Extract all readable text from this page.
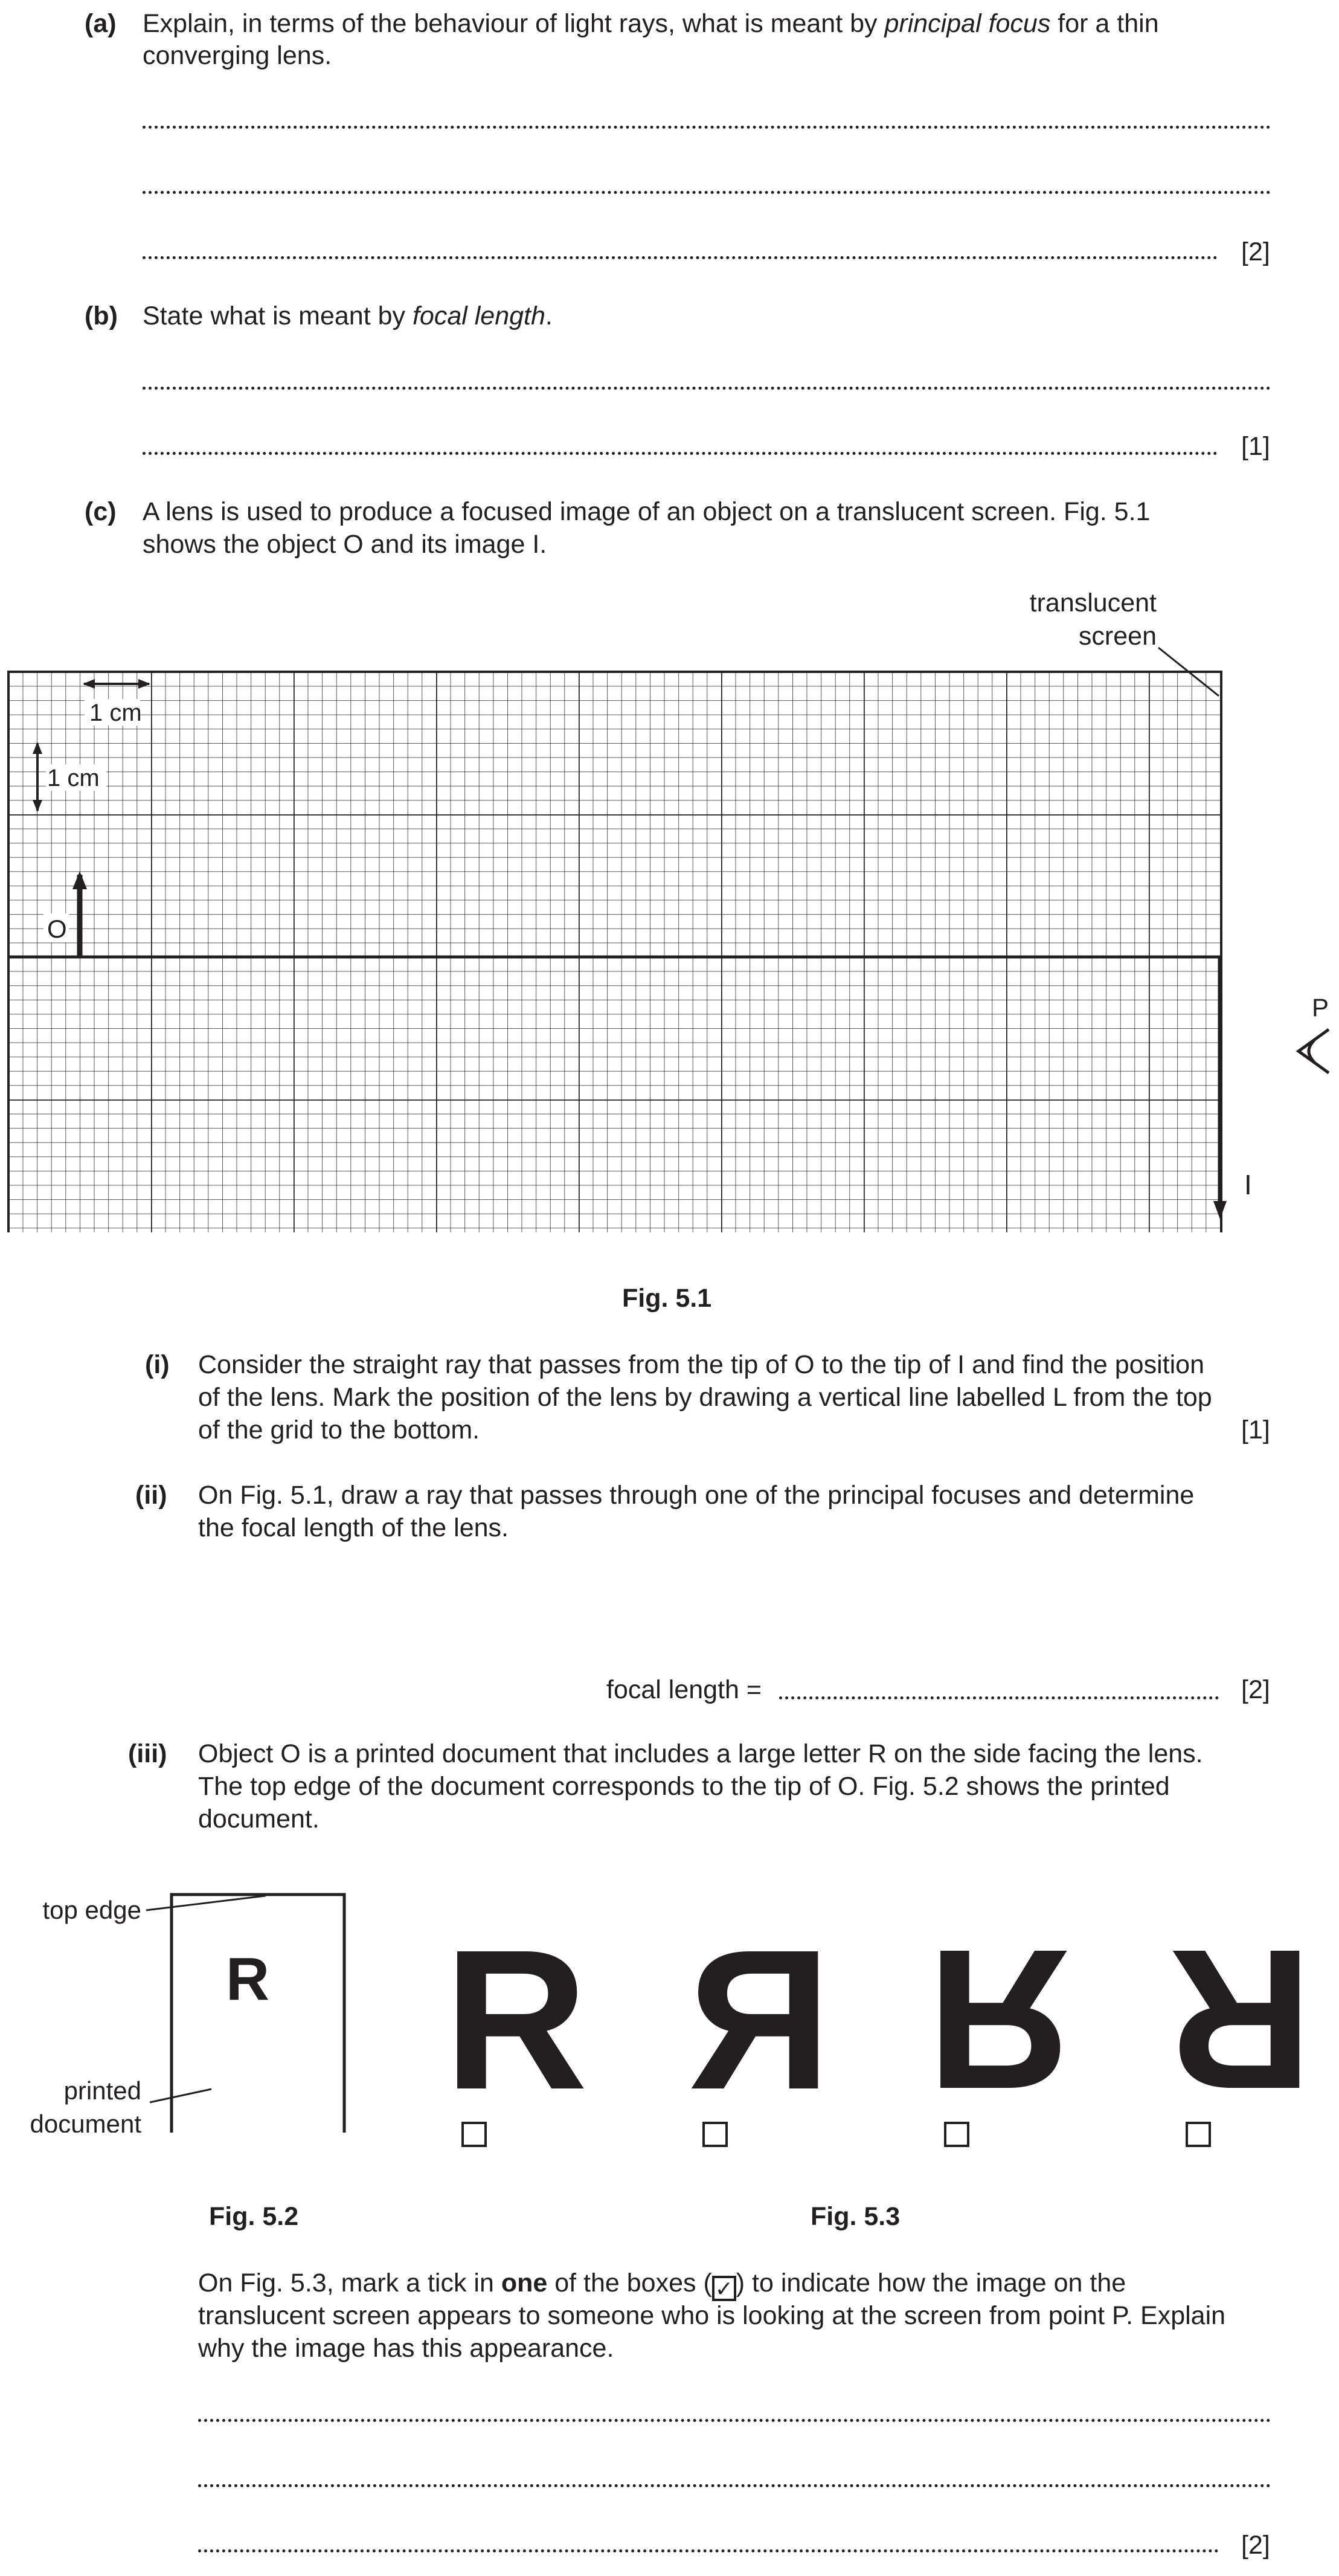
(a) Explain, in terms of the behaviour of light rays, what is meant by principal focus for a thin
converging lens.
[2]
(b) State what is meant by focal length.
[1]
(c) A lens is used to produce a focused image of an object on a translucent screen. Fig. 5.1
shows the object O and its image I.
1 cm
1 cm
O
I
translucent
screen
P
Fig. 5.1
(i) Consider the straight ray that passes from the tip of O to the tip of I and find the position
of the lens. Mark the position of the lens by drawing a vertical line labelled L from the top
of the grid to the bottom.	[1]
(ii) On Fig. 5.1, draw a ray that passes through one of the principal focuses and determine
the focal length of the lens.
focal length =	[2]
(iii) Object O is a printed document that includes a large letter R on the side facing the lens.
The top edge of the document corresponds to the tip of O. Fig. 5.2 shows the printed
document.
R
top edge
printed
document R R R R
Fig. 5.2	Fig. 5.3
On Fig. 5.3, mark a tick in one of the boxes ( ✓ ) to indicate how the image on the
translucent screen appears to someone who is looking at the screen from point P. Explain
why the image has this appearance.
[2]
